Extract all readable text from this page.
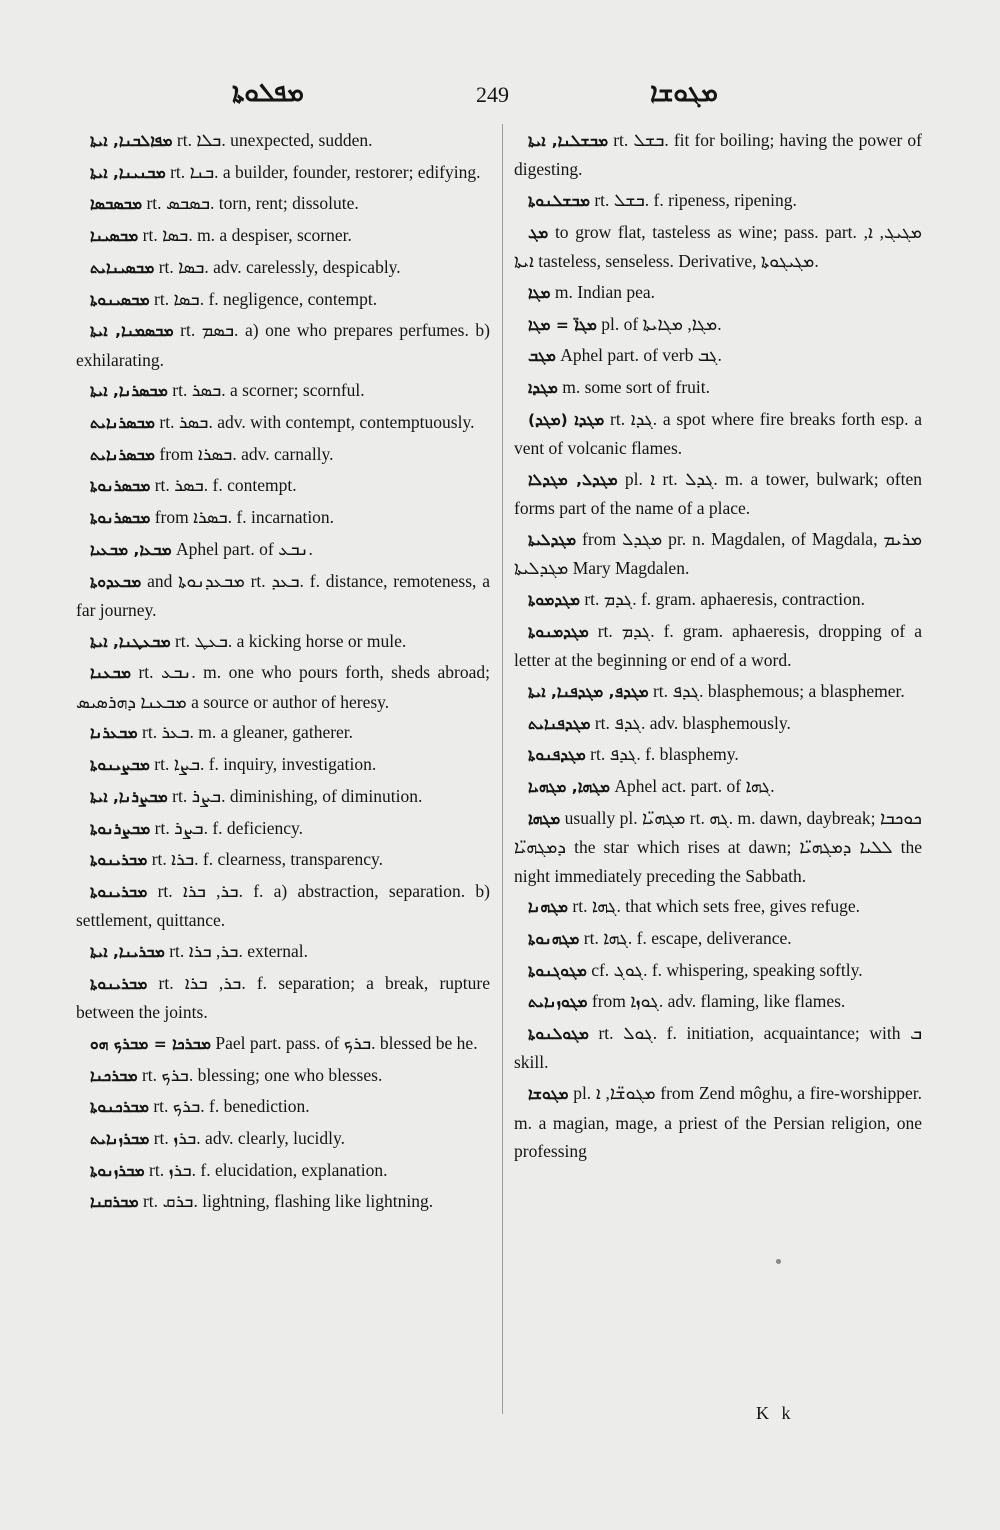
ܡܦܠܘܬܐ	249	ܡܓܘܫܐ

ܡܦܐܠܒܢܐ, ܐܝܬܐ rt. ܒܠܐ. unexpected, sudden.

ܡܒܢܝܢܐ, ܐܝܬܐ rt. ܒܢܐ. a builder, founder, restorer; edifying.

ܡܒܣܒܣܐ rt. ܒܣܒܣ. torn, rent; dissolute.

ܡܒܣܝܢܐ rt. ܒܣܐ. m. a despiser, scorner.

ܡܒܣܝܢܐܝܬ rt. ܒܣܐ. adv. carelessly, despicably.

ܡܒܣܝܢܘܬܐ rt. ܒܣܐ. f. negligence, contempt.

ܡܒܣܡܢܐ, ܐܝܬܐ rt. ܒܣܡ. a) one who prepares perfumes. b) exhilarating.

ܡܒܣܪܢܐ, ܐܝܬܐ rt. ܒܣܪ. a scorner; scornful.

ܡܒܣܪܢܐܝܬ rt. ܒܣܪ. adv. with contempt, contemptuously.

ܡܒܣܪܢܐܝܬ from ܒܣܪܐ. adv. carnally.

ܡܒܣܪܢܘܬܐ rt. ܒܣܪ. f. contempt.

ܡܒܣܪܢܘܬܐ from ܒܣܪܐ. f. incarnation.

ܡܒܥܐ, ܡܒܥܝܐ Aphel part. of ܢܒܥ.

ܡܒܥܕܘܬܐ and ܡܒܥܕܢܘܬܐ rt. ܒܥܕ. f. distance, remoteness, a far journey.

ܡܒܥܛܢܐ, ܐܝܬܐ rt. ܒܥܛ. a kicking horse or mule.

ܡܒܥܢܐ rt. ܢܒܥ. m. one who pours forth, sheds abroad; ܡܒܥܢܐ ܕܗܪܣܝܣ a source or author of heresy.

ܡܒܥܪܢܐ rt. ܒܥܪ. m. a gleaner, gatherer.

ܡܒܨܝܢܘܬܐ rt. ܒܨܐ. f. inquiry, investigation.

ܡܒܨܪܢܐ, ܐܝܬܐ rt. ܒܨܪ. diminishing, of diminution.

ܡܒܨܪܢܘܬܐ rt. ܒܨܪ. f. deficiency.

ܡܒܪܝܢܘܬܐ rt. ܒܪܐ. f. clearness, transparency.

ܡܒܪܝܢܘܬܐ rt. ܒܪ, ܒܪܐ. f. a) abstraction, separation. b) settlement, quittance.

ܡܒܪܝܢܐ, ܐܝܬܐ rt. ܒܪ, ܒܪܐ. external.

ܡܒܪܝܢܘܬܐ rt. ܒܪ, ܒܪܐ. f. separation; a break, rupture between the joints.

ܡܒܪܟܐ = ܡܒܪܟ ܗܘ Pael part. pass. of ܒܪܟ. blessed be he.

ܡܒܪܟܢܐ rt. ܒܪܟ. blessing; one who blesses.

ܡܒܪܟܢܘܬܐ rt. ܒܪܟ. f. benediction.

ܡܒܪܙܢܐܝܬ rt. ܒܪܙ. adv. clearly, lucidly.

ܡܒܪܙܢܘܬܐ rt. ܒܪܙ. f. elucidation, explanation.

ܡܒܪܩܢܐ rt. ܒܪܩ. lightning, flashing like lightning.

ܡܒܫܠܢܐ, ܐܝܬܐ rt. ܒܫܠ. fit for boiling; having the power of digesting.

ܡܒܫܠܢܘܬܐ rt. ܒܫܠ. f. ripeness, ripening.

ܡܓ to grow flat, tasteless as wine; pass. part. ܡܓܝܓ, ܐ, ܐܝܬܐ tasteless, senseless. Derivative, ܡܓܝܓܘܬܐ.

ܡܓܐ m. Indian pea.

ܡܓܐ̈ = ܡܓܐ pl. of ܡܓܐ, ܡܓܐܝܬܐ.

ܡܓܒ Aphel part. of verb ܓܒ.

ܡܓܕܐ m. some sort of fruit.

ܡܓܕܐ (ܡܓܕ) rt. ܓܕܐ. a spot where fire breaks forth esp. a vent of volcanic flames.

ܡܓܕܠ, ܡܓܕܠܐ pl. ܐ rt. ܓܕܠ. m. a tower, bulwark; often forms part of the name of a place.

ܡܓܕܠܝܬܐ from ܡܓܕܠ pr. n. Magdalen, of Magdala, ܡܪܝܡ ܡܓܕܠܝܬܐ Mary Magdalen.

ܡܓܕܡܘܬܐ rt. ܓܕܡ. f. gram. aphaeresis, contraction.

ܡܓܕܡܢܘܬܐ rt. ܓܕܡ. f. gram. aphaeresis, dropping of a letter at the beginning or end of a word.

ܡܓܕܦ, ܡܓܕܦܢܐ, ܐܝܬܐ rt. ܓܕܦ. blasphemous; a blasphemer.

ܡܓܕܦܢܐܝܬ rt. ܓܕܦ. adv. blasphemously.

ܡܓܕܦܢܘܬܐ rt. ܓܕܦ. f. blasphemy.

ܡܓܗܐ, ܡܓܗܝܐ Aphel act. part. of ܓܗܐ.

ܡܓܗܐ usually pl. ܡܓܗܝ̈ܐ rt. ܓܗ. m. dawn, daybreak; ܟܘܟܒܐ ܕܡܓܗܝ̈ܐ the star which rises at dawn; ܠܠܝܐ ܕܡܓܗܝ̈ܐ the night immediately preceding the Sabbath.

ܡܓܗܢܐ rt. ܓܗܐ. that which sets free, gives refuge.

ܡܓܗܢܘܬܐ rt. ܓܗܐ. f. escape, deliverance.

ܡܓܘܓܢܘܬܐ cf. ܓܘܓ. f. whispering, speaking softly.

ܡܓܘܙܢܐܝܬ from ܓܘܙܐ. adv. flaming, like flames.

ܡܓܘܠܢܘܬܐ rt. ܓܘܠ. f. initiation, acquaintance; with ܒ skill.

ܡܓܘܫܐ pl. ܡܓܘܫ̈ܐ, ܐ from Zend môghu, a fire-worshipper. m. a magian, mage, a priest of the Persian religion, one professing

K k
